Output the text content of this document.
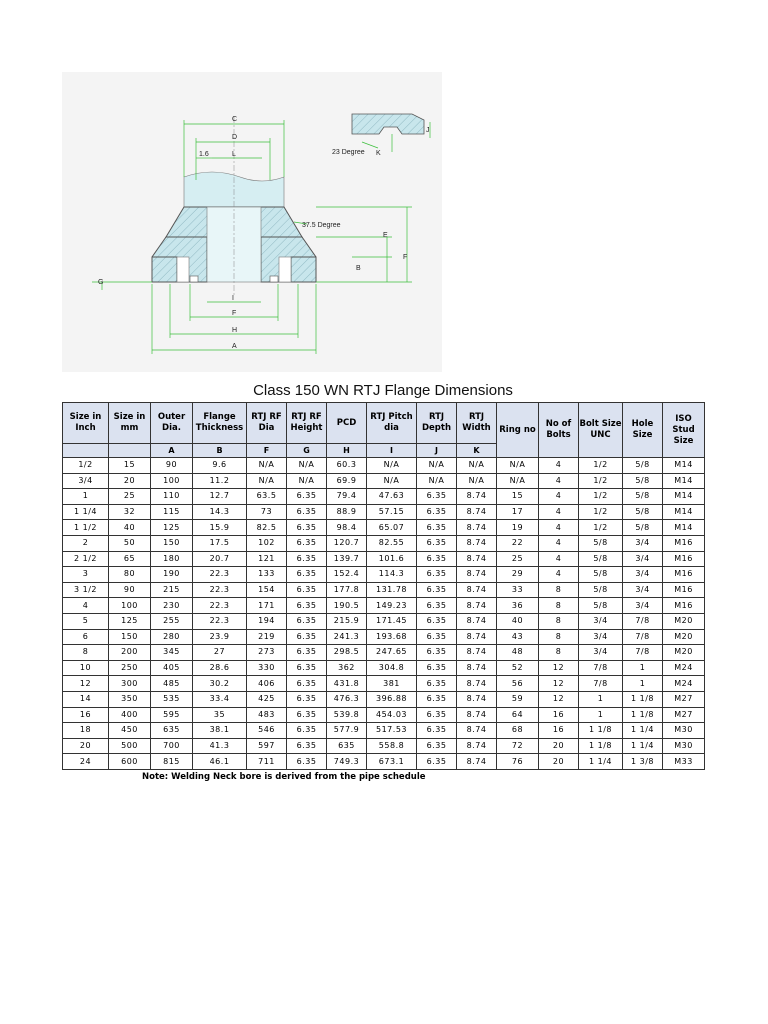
C
D
1.6	L	23 Degree
37.5 Degree
J
K
E
F
B
G
I
F
H
A
Class 150 WN RTJ Flange Dimensions
Size in Inch	Size in mm	Outer Dia.	Flange Thickness	RTJ RF Dia	RTJ RF Height	PCD	RTJ Pitch dia	RTJ Depth	RTJ Width	Ring no	No of Bolts	Bolt Size UNC	Hole Size	ISO Stud Size
		A	B	F	G	H	I	J	K					
1/2	15	90	9.6	N/A	N/A	60.3	N/A	N/A	N/A	N/A	4	1/2	5/8	M14
3/4	20	100	11.2	N/A	N/A	69.9	N/A	N/A	N/A	N/A	4	1/2	5/8	M14
1	25	110	12.7	63.5	6.35	79.4	47.63	6.35	8.74	15	4	1/2	5/8	M14
1 1/4	32	115	14.3	73	6.35	88.9	57.15	6.35	8.74	17	4	1/2	5/8	M14
1 1/2	40	125	15.9	82.5	6.35	98.4	65.07	6.35	8.74	19	4	1/2	5/8	M14
2	50	150	17.5	102	6.35	120.7	82.55	6.35	8.74	22	4	5/8	3/4	M16
2 1/2	65	180	20.7	121	6.35	139.7	101.6	6.35	8.74	25	4	5/8	3/4	M16
3	80	190	22.3	133	6.35	152.4	114.3	6.35	8.74	29	4	5/8	3/4	M16
3 1/2	90	215	22.3	154	6.35	177.8	131.78	6.35	8.74	33	8	5/8	3/4	M16
4	100	230	22.3	171	6.35	190.5	149.23	6.35	8.74	36	8	5/8	3/4	M16
5	125	255	22.3	194	6.35	215.9	171.45	6.35	8.74	40	8	3/4	7/8	M20
6	150	280	23.9	219	6.35	241.3	193.68	6.35	8.74	43	8	3/4	7/8	M20
8	200	345	27	273	6.35	298.5	247.65	6.35	8.74	48	8	3/4	7/8	M20
10	250	405	28.6	330	6.35	362	304.8	6.35	8.74	52	12	7/8	1	M24
12	300	485	30.2	406	6.35	431.8	381	6.35	8.74	56	12	7/8	1	M24
14	350	535	33.4	425	6.35	476.3	396.88	6.35	8.74	59	12	1	1 1/8	M27
16	400	595	35	483	6.35	539.8	454.03	6.35	8.74	64	16	1	1 1/8	M27
18	450	635	38.1	546	6.35	577.9	517.53	6.35	8.74	68	16	1 1/8	1 1/4	M30
20	500	700	41.3	597	6.35	635	558.8	6.35	8.74	72	20	1 1/8	1 1/4	M30
24	600	815	46.1	711	6.35	749.3	673.1	6.35	8.74	76	20	1 1/4	1 3/8	M33
Note: Welding Neck bore is derived from the pipe schedule
